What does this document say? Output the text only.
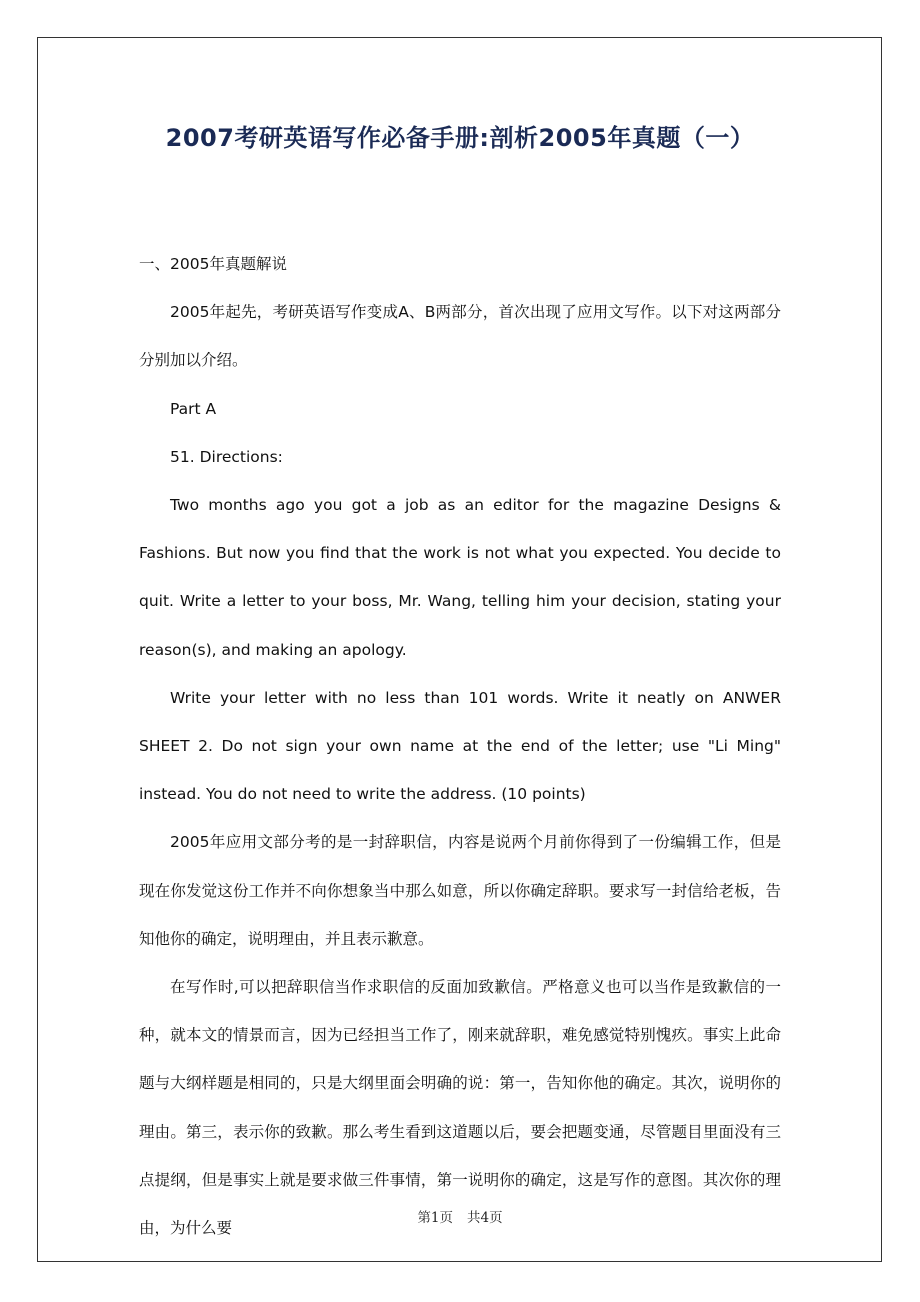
2007考研英语写作必备手册:剖析2005年真题（一）

一、2005年真题解说

2005年起先，考研英语写作变成A、B两部分，首次出现了应用文写作。以下对这两部分分别加以介绍。

Part A

51. Directions:

Two months ago you got a job as an editor for the magazine Designs & Fashions. But now you find that the work is not what you expected. You decide to quit. Write a letter to your boss, Mr. Wang, telling him your decision, stating your reason(s), and making an apology.

Write your letter with no less than 101 words. Write it neatly on ANWER SHEET 2. Do not sign your own name at the end of the letter; use "Li Ming" instead. You do not need to write the address. (10 points)

2005年应用文部分考的是一封辞职信，内容是说两个月前你得到了一份编辑工作，但是现在你发觉这份工作并不向你想象当中那么如意，所以你确定辞职。要求写一封信给老板，告知他你的确定，说明理由，并且表示歉意。

在写作时,可以把辞职信当作求职信的反面加致歉信。严格意义也可以当作是致歉信的一种，就本文的情景而言，因为已经担当工作了，刚来就辞职，难免感觉特别愧疚。事实上此命题与大纲样题是相同的，只是大纲里面会明确的说：第一，告知你他的确定。其次，说明你的理由。第三，表示你的致歉。那么考生看到这道题以后，要会把题变通，尽管题目里面没有三点提纲，但是事实上就是要求做三件事情，第一说明你的确定，这是写作的意图。其次你的理由，为什么要

第1页 共4页
